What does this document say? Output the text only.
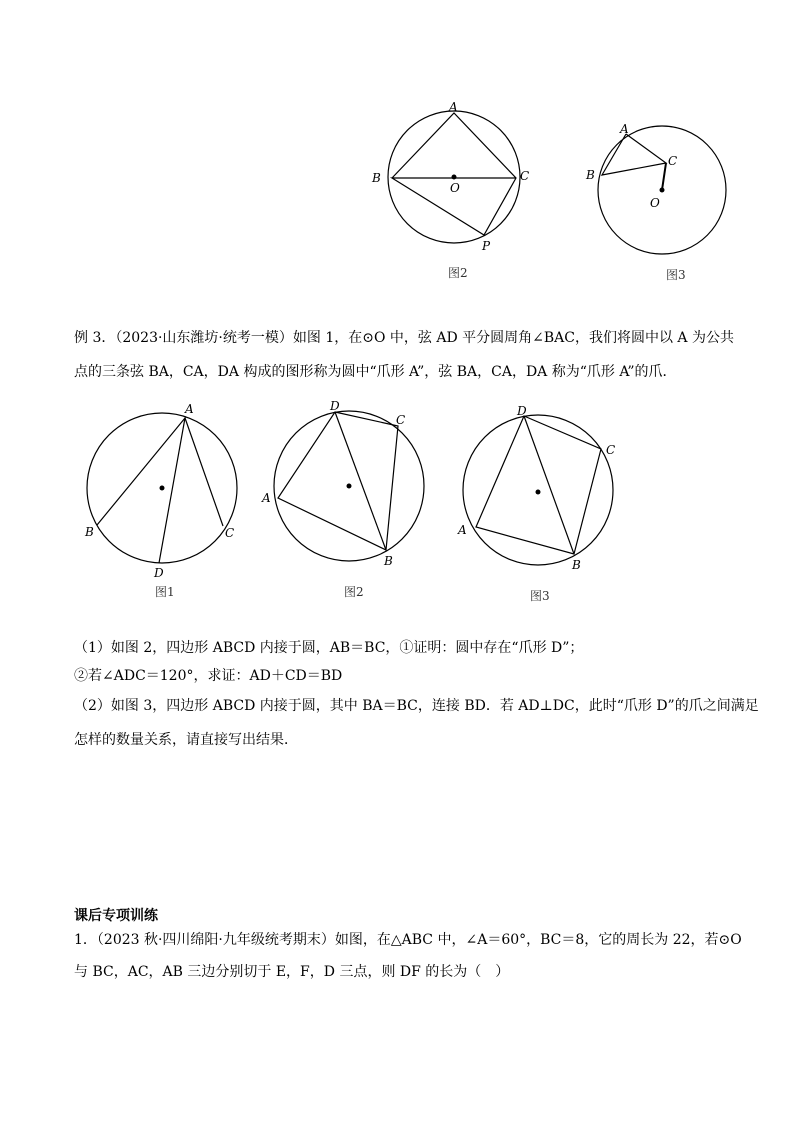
A
B	C
O
P
图2
A
B
C
O
图3
例 3．（2023·山东潍坊·统考一模）如图 1，在⊙O 中，弦 AD 平分圆周角∠BAC，我们将圆中以 A 为公共
点的三条弦 BA，CA，DA 构成的图形称为圆中“爪形 A”，弦 BA，CA，DA 称为“爪形 A”的爪．
A
B	C
D
图1
D
C
A
B
图2
D
C
A
B
图3
（1）如图 2，四边形 ABCD 内接于圆，AB＝BC，①证明：圆中存在“爪形 D”；
②若∠ADC＝120°，求证：AD＋CD＝BD
（2）如图 3，四边形 ABCD 内接于圆，其中 BA＝BC，连接 BD．若 AD⊥DC，此时“爪形 D”的爪之间满足
怎样的数量关系，请直接写出结果．
课后专项训练
1．（2023 秋·四川绵阳·九年级统考期末）如图，在△ABC 中，∠A＝60°，BC＝8，它的周长为 22，若⊙O
与 BC，AC，AB 三边分别切于 E，F，D 三点，则 DF 的长为（　）
